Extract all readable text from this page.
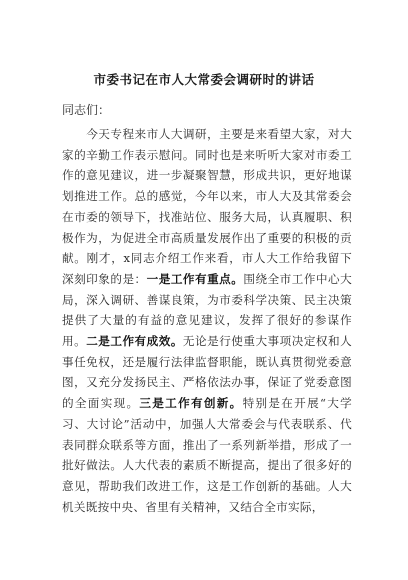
市委书记在市人大常委会调研时的讲话

同志们：

今天专程来市人大调研，主要是来看望大家，对大家的辛勤工作表示慰问。同时也是来听听大家对市委工作的意见建议，进一步凝聚智慧，形成共识，更好地谋划推进工作。总的感觉，今年以来，市人大及其常委会在市委的领导下，找准站位、服务大局，认真履职、积极作为，为促进全市高质量发展作出了重要的积极的贡献。刚才，x同志介绍工作来看，市人大工作给我留下深刻印象的是：一是工作有重点。围绕全市工作中心大局，深入调研、善谋良策，为市委科学决策、民主决策提供了大量的有益的意见建议，发挥了很好的参谋作用。二是工作有成效。无论是行使重大事项决定权和人事任免权，还是履行法律监督职能，既认真贯彻党委意图，又充分发扬民主、严格依法办事，保证了党委意图的全面实现。三是工作有创新。特别是在开展“大学习、大讨论”活动中，加强人大常委会与代表联系、代表同群众联系等方面，推出了一系列新举措，形成了一批好做法。人大代表的素质不断提高，提出了很多好的意见，帮助我们改进工作，这是工作创新的基础。人大机关既按中央、省里有关精神，又结合全市实际，
